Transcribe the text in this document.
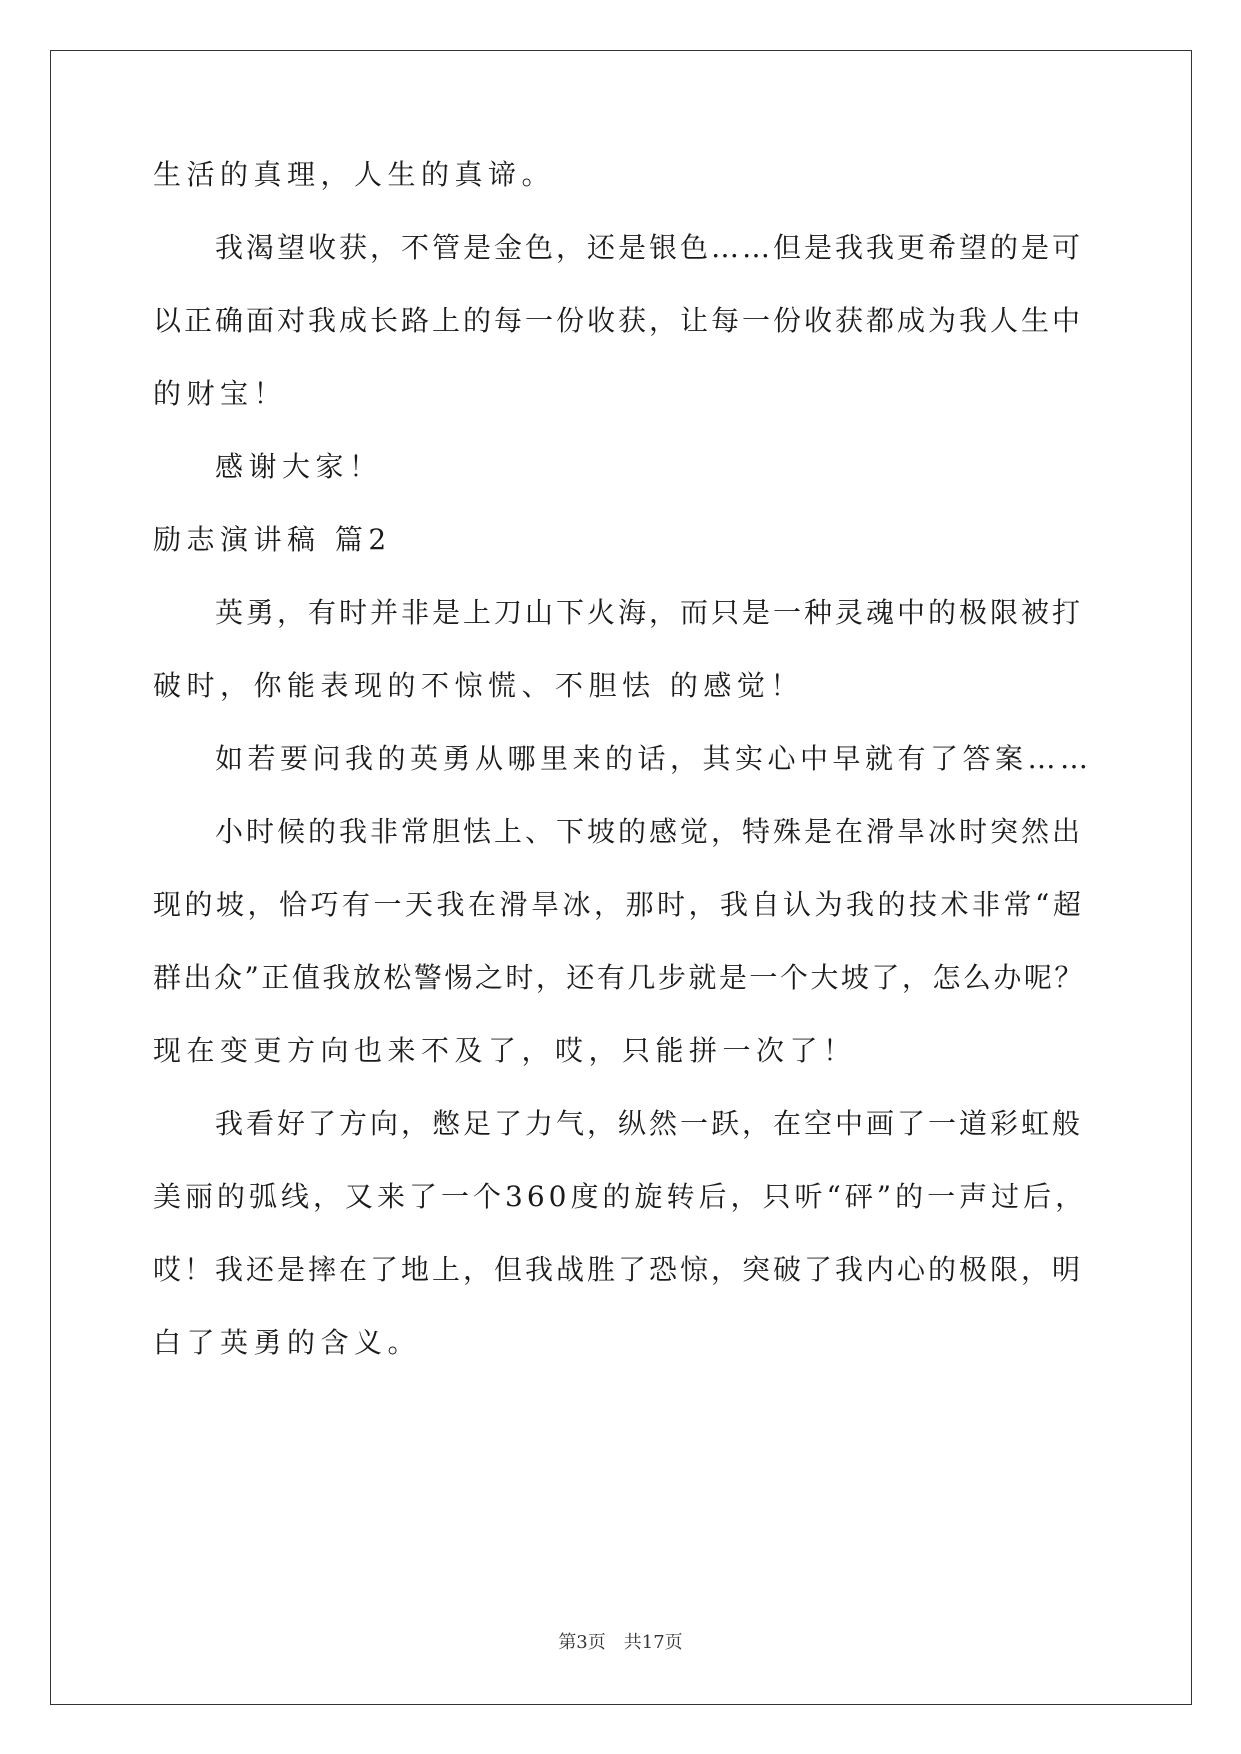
生活的真理，人生的真谛。
我渴望收获，不管是金色，还是银色……但是我我更希望的是可
以正确面对我成长路上的每一份收获，让每一份收获都成为我人生中
的财宝！
感谢大家！
励志演讲稿 篇2
英勇，有时并非是上刀山下火海，而只是一种灵魂中的极限被打
破时，你能表现的不惊慌、不胆怯 的感觉！
如若要问我的英勇从哪里来的话，其实心中早就有了答案……
小时候的我非常胆怯上、下坡的感觉，特殊是在滑旱冰时突然出
现的坡，恰巧有一天我在滑旱冰，那时，我自认为我的技术非常“超
群出众”正值我放松警惕之时，还有几步就是一个大坡了，怎么办呢？
现在变更方向也来不及了，哎，只能拼一次了！
我看好了方向，憋足了力气，纵然一跃，在空中画了一道彩虹般
美丽的弧线，又来了一个360度的旋转后，只听“砰”的一声过后，
哎！我还是摔在了地上，但我战胜了恐惊，突破了我内心的极限，明
白了英勇的含义。
第3页　共17页
